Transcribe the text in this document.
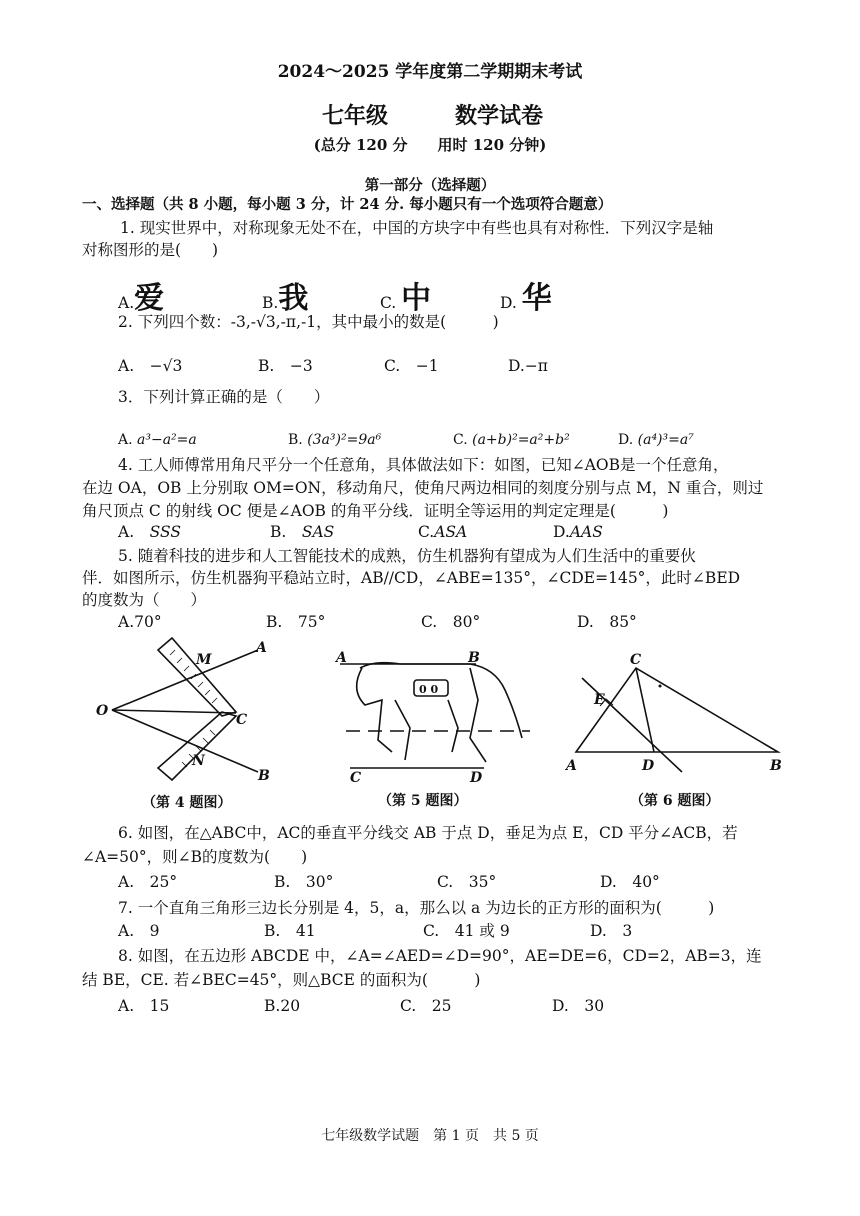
2024～2025 学年度第二学期期末考试
七年级	数学试卷
(总分 120 分　　用时 120 分钟)
第一部分（选择题）
一、选择题（共 8 小题，每小题 3 分，计 24 分. 每小题只有一个选项符合题意）
1. 现实世界中，对称现象无处不在，中国的方块字中有些也具有对称性．下列汉字是轴
对称图形的是(　　)
A.爱	B.我	C. 中	D. 华
2. 下列四个数：-3,-√3,-π,-1，其中最小的数是(　　　)
A.　 −√3	B.　 −3	C.　 −1	D.−π
3．下列计算正确的是（　　）
A. a³−a²=a	B. (3a³)²=9a⁶	C. (a+b)²=a²+b²	D. (a⁴)³=a⁷
4. 工人师傅常用角尺平分一个任意角，具体做法如下：如图，已知∠AOB是一个任意角，
在边 OA，OB 上分别取 OM=ON，移动角尺，使角尺两边相同的刻度分别与点 M，N 重合，则过
角尺顶点 C 的射线 OC 便是∠AOB 的角平分线．证明全等运用的判定定理是(　　　)
A.　 SSS	B.　 SAS	C.ASA	D.AAS
5. 随着科技的进步和人工智能技术的成熟，仿生机器狗有望成为人们生活中的重要伙
伴．如图所示，仿生机器狗平稳站立时，AB//CD，∠ABE=135°，∠CDE=145°，此时∠BED
的度数为（　　）
A.70°	B.　 75°	C.　 80°	D.　 85°
O
M
A
C
N
B
（第 4 题图）
A	B
C	D
0 0
（第 5 题图）
C
E
A	D	B
（第 6 题图）
6. 如图，在△ABC中，AC的垂直平分线交 AB 于点 D，垂足为点 E，CD 平分∠ACB，若
∠A=50°，则∠B的度数为(　　)
A.　 25°	B.　 30°	C.　 35°	D.　 40°
7. 一个直角三角形三边长分别是 4，5，a，那么以 a 为边长的正方形的面积为(　　　)
A.　 9	B.　 41	C.　 41 或 9	D.　 3
8. 如图，在五边形 ABCDE 中，∠A=∠AED=∠D=90°，AE=DE=6，CD=2，AB=3，连
结 BE，CE. 若∠BEC=45°，则△BCE 的面积为(　　　)
A.　 15	B.20	C.　 25	D.　 30
七年级数学试题　第 1 页　共 5 页
